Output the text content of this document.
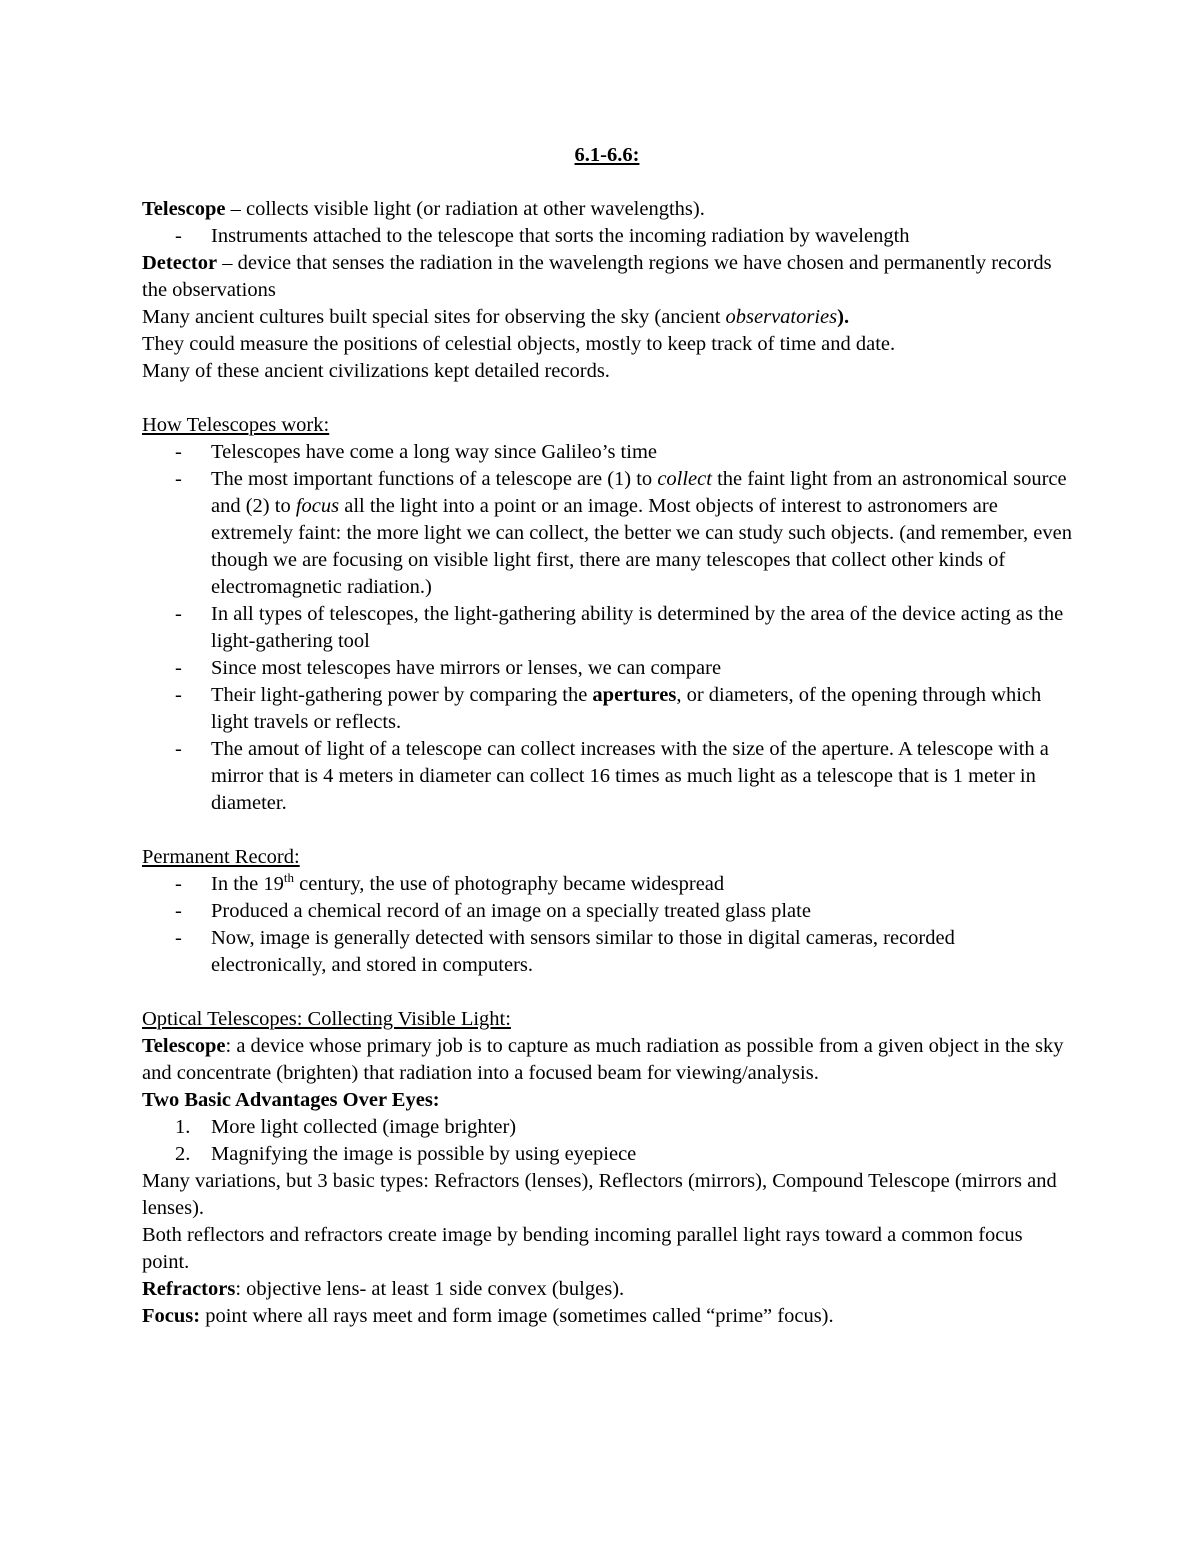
6.1-6.6:

Telescope – collects visible light (or radiation at other wavelengths).

- Instruments attached to the telescope that sorts the incoming radiation by wavelength

Detector – device that senses the radiation in the wavelength regions we have chosen and permanently records the observations

Many ancient cultures built special sites for observing the sky (ancient observatories).

They could measure the positions of celestial objects, mostly to keep track of time and date.

Many of these ancient civilizations kept detailed records.

How Telescopes work:

- Telescopes have come a long way since Galileo’s time
- The most important functions of a telescope are (1) to collect the faint light from an astronomical source and (2) to focus all the light into a point or an image. Most objects of interest to astronomers are extremely faint: the more light we can collect, the better we can study such objects. (and remember, even though we are focusing on visible light first, there are many telescopes that collect other kinds of electromagnetic radiation.)
- In all types of telescopes, the light-gathering ability is determined by the area of the device acting as the light-gathering tool
- Since most telescopes have mirrors or lenses, we can compare
- Their light-gathering power by comparing the apertures, or diameters, of the opening through which light travels or reflects.
- The amout of light of a telescope can collect increases with the size of the aperture. A telescope with a mirror that is 4 meters in diameter can collect 16 times as much light as a telescope that is 1 meter in diameter.

Permanent Record:

- In the 19th century, the use of photography became widespread
- Produced a chemical record of an image on a specially treated glass plate
- Now, image is generally detected with sensors similar to those in digital cameras, recorded electronically, and stored in computers.

Optical Telescopes: Collecting Visible Light:

Telescope: a device whose primary job is to capture as much radiation as possible from a given object in the sky and concentrate (brighten) that radiation into a focused beam for viewing/analysis.

Two Basic Advantages Over Eyes:

1. More light collected (image brighter)
2. Magnifying the image is possible by using eyepiece

Many variations, but 3 basic types: Refractors (lenses), Reflectors (mirrors), Compound Telescope (mirrors and lenses).

Both reflectors and refractors create image by bending incoming parallel light rays toward a common focus point.

Refractors: objective lens- at least 1 side convex (bulges).

Focus: point where all rays meet and form image (sometimes called “prime” focus).
